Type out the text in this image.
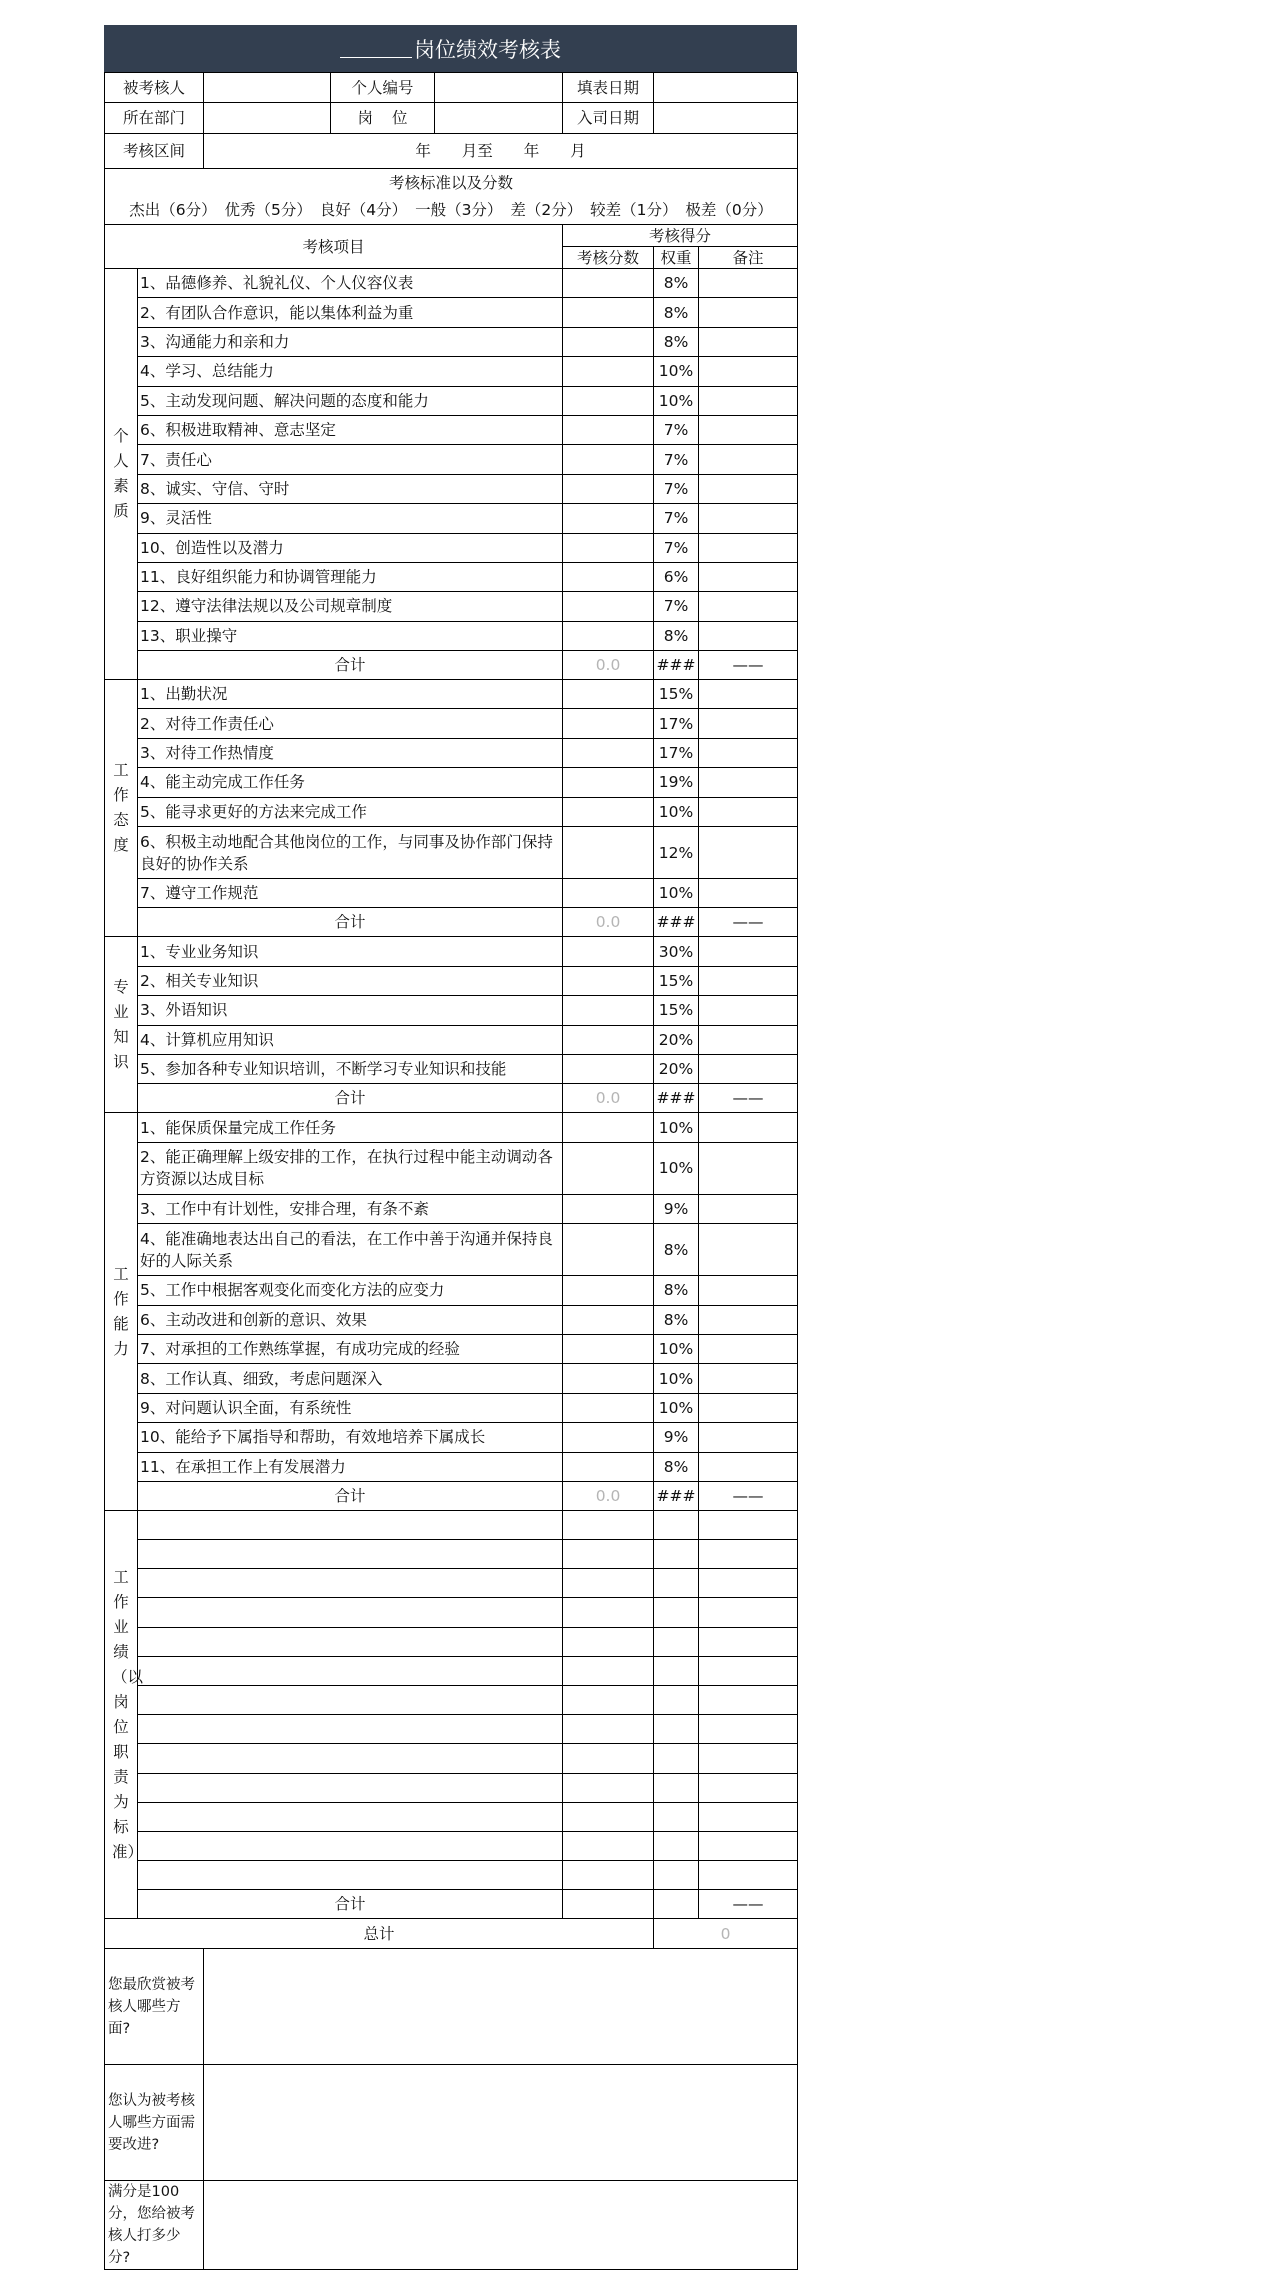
岗位绩效考核表
被考核人			个人编号		填表日期		
所在部门			岗 位		入司日期		
考核区间		年 月至 年 月					
考核标准以及分数							
杰出（6分） 优秀（5分） 良好（4分） 一般（3分） 差（2分） 较差（1分） 极差（0分）							
考核项目					考核得分		
					考核分数	权重	备注
个人素质	1、品德修养、礼貌礼仪、个人仪容仪表					8%	
	2、有团队合作意识，能以集体利益为重					8%	
	3、沟通能力和亲和力					8%	
	4、学习、总结能力					10%	
	5、主动发现问题、解决问题的态度和能力					10%	
	6、积极进取精神、意志坚定					7%	
	7、责任心					7%	
	8、诚实、守信、守时					7%	
	9、灵活性					7%	
	10、创造性以及潜力					7%	
	11、良好组织能力和协调管理能力					6%	
	12、遵守法律法规以及公司规章制度					7%	
	13、职业操守					8%	
	合计				0.0	###	——
工作态度	1、出勤状况					15%	
	2、对待工作责任心					17%	
	3、对待工作热情度					17%	
	4、能主动完成工作任务					19%	
	5、能寻求更好的方法来完成工作					10%	
	6、积极主动地配合其他岗位的工作，与同事及协作部门保持良好的协作关系					12%	
	7、遵守工作规范					10%	
	合计				0.0	###	——
专业知识	1、专业业务知识					30%	
	2、相关专业知识					15%	
	3、外语知识					15%	
	4、计算机应用知识					20%	
	5、参加各种专业知识培训，不断学习专业知识和技能					20%	
	合计				0.0	###	——
工作能力	1、能保质保量完成工作任务					10%	
	2、能正确理解上级安排的工作，在执行过程中能主动调动各方资源以达成目标					10%	
	3、工作中有计划性，安排合理，有条不紊					9%	
	4、能准确地表达出自己的看法，在工作中善于沟通并保持良好的人际关系					8%	
	5、工作中根据客观变化而变化方法的应变力					8%	
	6、主动改进和创新的意识、效果					8%	
	7、对承担的工作熟练掌握，有成功完成的经验					10%	
	8、工作认真、细致，考虑问题深入					10%	
	9、对问题认识全面，有系统性					10%	
	10、能给予下属指导和帮助，有效地培养下属成长					9%	
	11、在承担工作上有发展潜力					8%	
	合计				0.0	###	——
工作业绩（以岗位职责为标准）							

	合计						——
总计						0	
您最欣赏被考核人哪些方面?							
您认为被考核人哪些方面需要改进?							
满分是100分，您给被考核人打多少分?							
